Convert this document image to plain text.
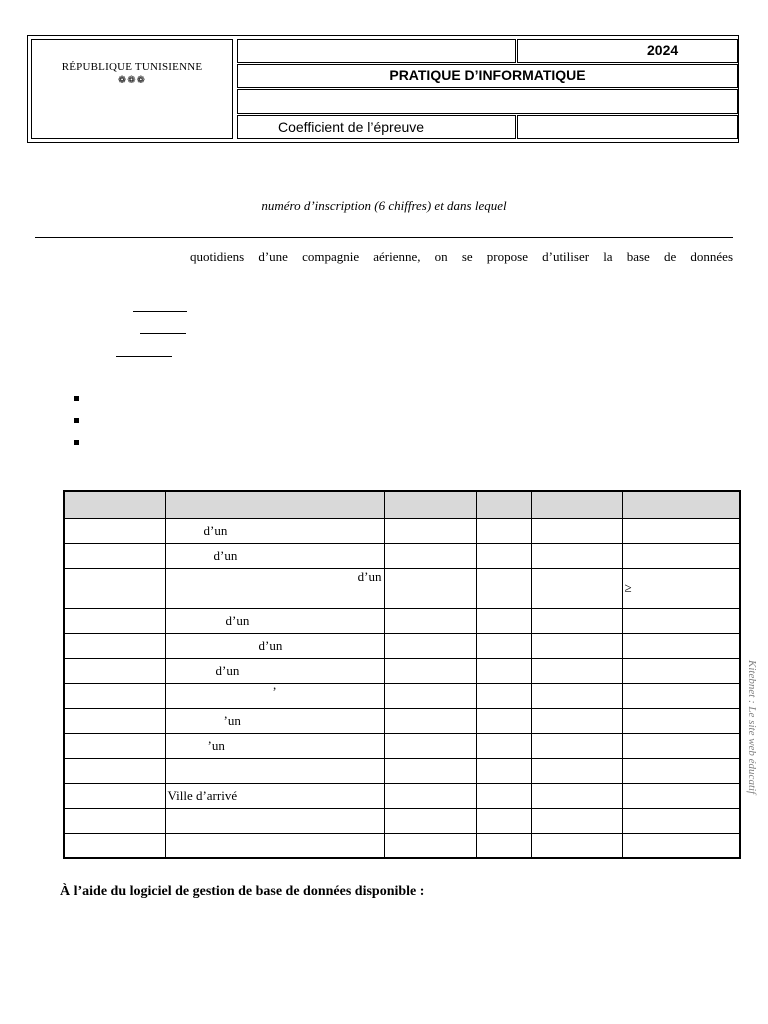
RÉPUBLIQUE TUNISIENNE
❁❁❁
2024
PRATIQUE D’INFORMATIQUE
Coefficient de l’épreuve
numéro d’inscription (6 chiffres) et dans lequel
quotidiens d’une compagnie aérienne, on se propose d’utiliser la base de données

	d’un				
	d’un				
	d’un				≥
	d’un				
	d’un				
	d’un				
	’				
	’un				
	’un				

	Ville d’arrivé				

Kitebnet : Le site web éducatif
À l’aide du logiciel de gestion de base de données disponible :
